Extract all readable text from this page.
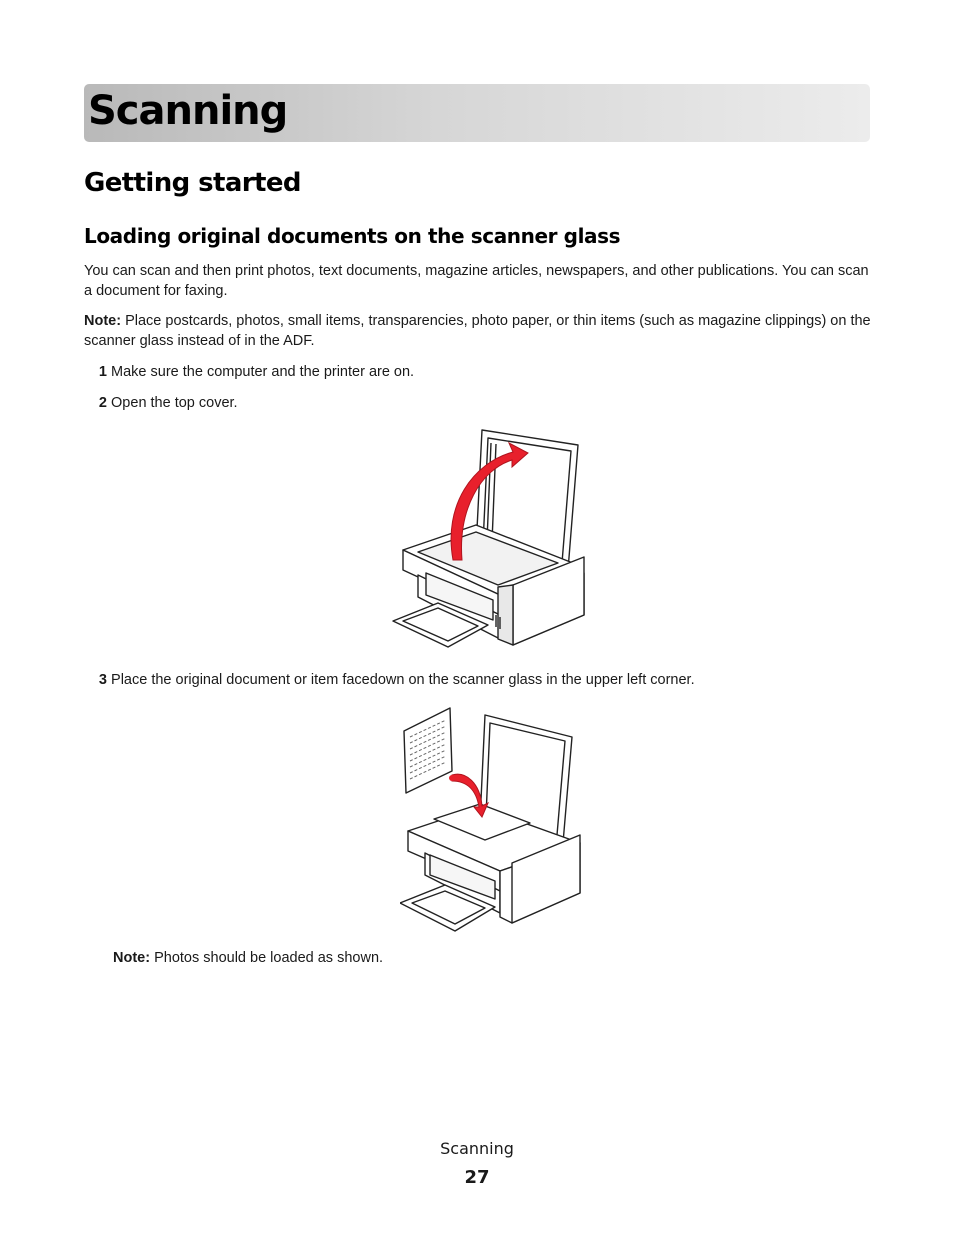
Scanning
Getting started
Loading original documents on the scanner glass

You can scan and then print photos, text documents, magazine articles, newspapers, and other publications. You can scan a document for faxing.

Note: Place postcards, photos, small items, transparencies, photo paper, or thin items (such as magazine clippings) on the scanner glass instead of in the ADF.

1 Make sure the computer and the printer are on.

2 Open the top cover.

3 Place the original document or item facedown on the scanner glass in the upper left corner.

Note: Photos should be loaded as shown.

Scanning
27
